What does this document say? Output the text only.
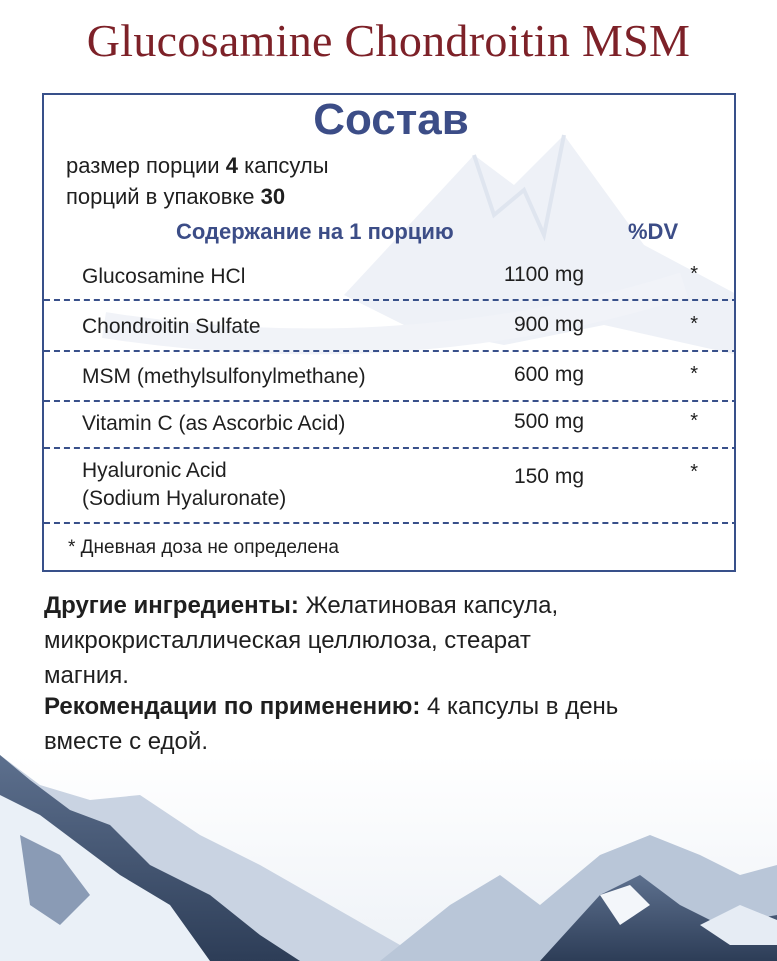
Glucosamine Chondroitin MSM
Состав
размер порции 4 капсулы
порций в упаковке 30
Содержание на 1 порцию	%DV
Glucosamine HCl	1100 mg	*
Chondroitin Sulfate	900 mg	*
MSM (methylsulfonylmethane)	600 mg	*
Vitamin C (as Ascorbic Acid)	500 mg	*
Hyaluronic Acid
(Sodium Hyaluronate)
150 mg	*
* Дневная доза не определена
Другие ингредиенты: Желатиновая капсула,
микрокристаллическая целлюлоза, стеарат
магния.
Рекомендации по применению: 4 капсулы в день
вместе с едой.
